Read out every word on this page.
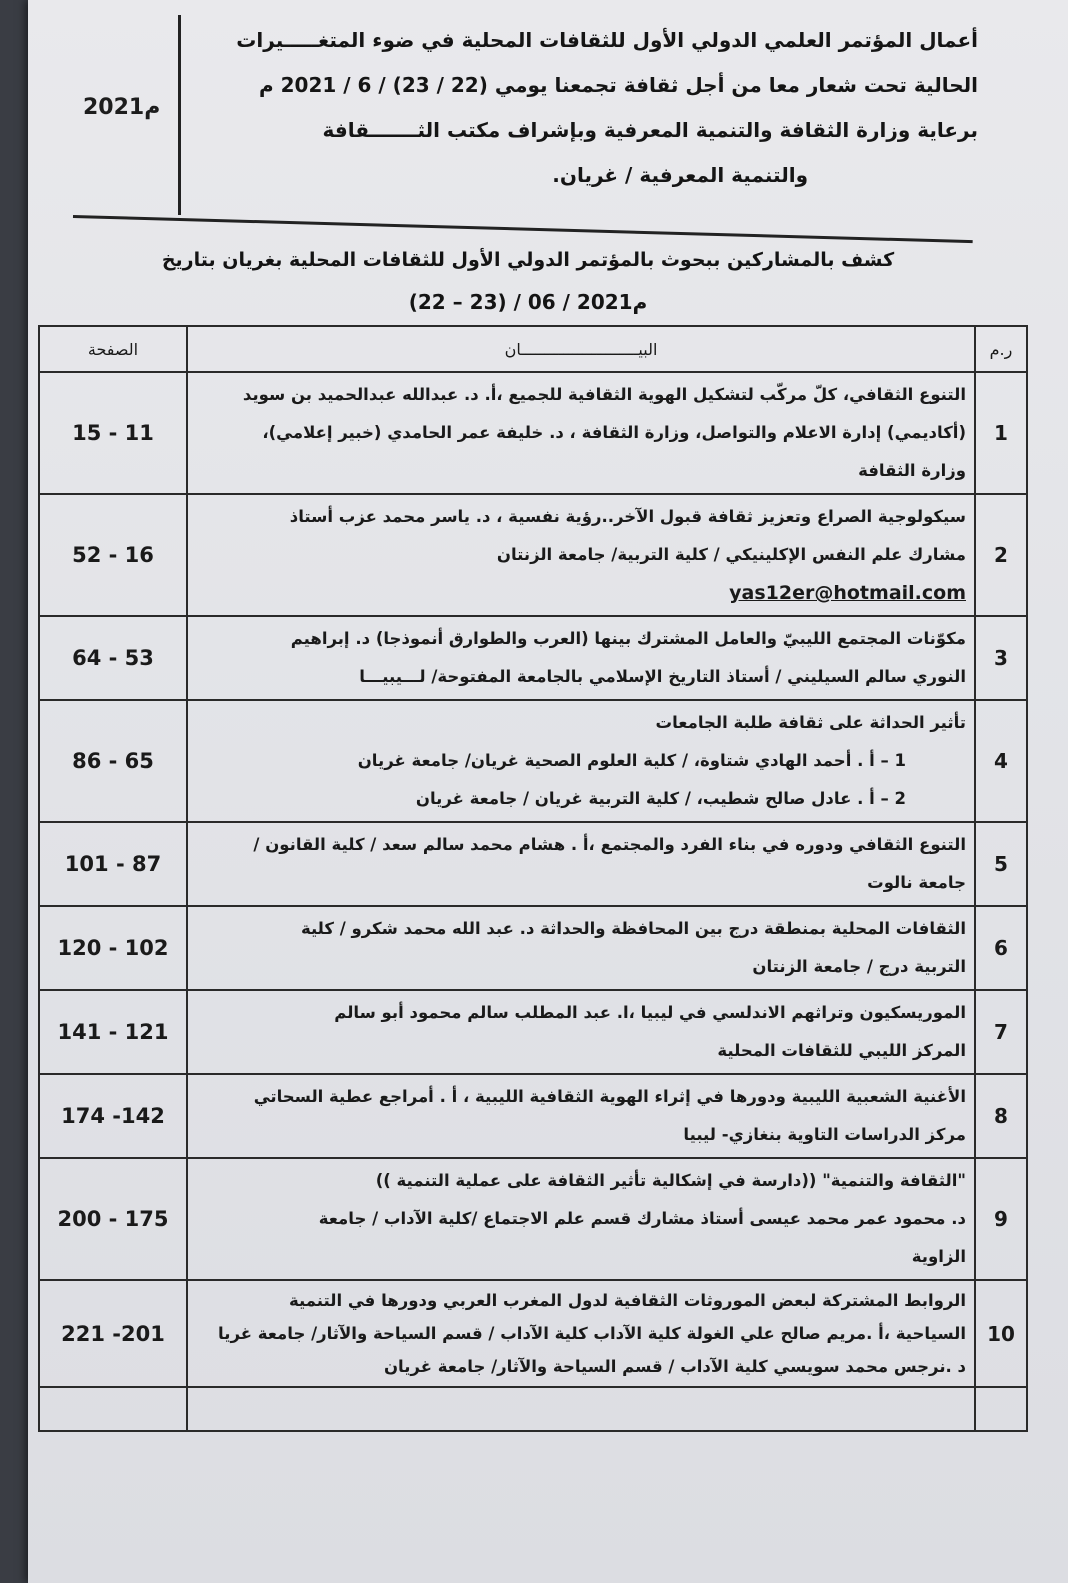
2021م
أعمال المؤتمر العلمي الدولي الأول للثقافات المحلية في ضوء المتغـــــيرات
الحالية تحت شعار معا من أجل ثقافة تجمعنا يومي (22 / 23) / 6 / 2021 م
برعاية وزارة الثقافة والتنمية المعرفية وبإشراف مكتب الثـــــــقافة
والتنمية المعرفية / غريان.
كشف بالمشاركين ببحوث بالمؤتمر الدولي الأول للثقافات المحلية بغريان بتاريخ
(22 – 23) / 06 / 2021م
ر.م	البيـــــــــــــــــــــــــان	الصفحة
1	التنوع الثقافي، كلّ مركّب لتشكيل الهوية الثقافية للجميع ،أ. د. عبدالله عبدالحميد بن سويد
(أكاديمي) إدارة الاعلام والتواصل، وزارة الثقافة ، د. خليفة عمر الحامدي (خبير إعلامي)،
وزارة الثقافة	15 - 11
2	سيكولوجية الصراع وتعزيز ثقافة قبول الآخر..رؤية نفسية ، د. ياسر محمد عزب أستاذ
مشارك علم النفس الإكلينيكي / كلية التربية/ جامعة الزنتان
yas12er@hotmail.com	52 - 16
3	مكوّنات المجتمع الليبيّ والعامل المشترك بينها (العرب والطوارق أنموذجا) د. إبراهيم
النوري سالم السيليني / أستاذ التاريخ الإسلامي بالجامعة المفتوحة/ لـــيبيـــا	64 - 53
4	تأثير الحداثة على ثقافة طلبة الجامعات
1 – أ . أحمد الهادي شتاوة، / كلية العلوم الصحية غريان/ جامعة غريان
2 – أ . عادل صالح شطيب، / كلية التربية غريان / جامعة غريان	86 - 65
5	التنوع الثقافي ودوره في بناء الفرد والمجتمع ،أ . هشام محمد سالم سعد / كلية القانون /
جامعة نالوت	101 - 87
6	الثقافات المحلية بمنطقة درج بين المحافظة والحداثة د. عبد الله محمد شكرو / كلية
التربية درج / جامعة الزنتان	120 - 102
7	الموريسكيون وتراثهم الاندلسي في ليبيا ،ا. عبد المطلب سالم محمود أبو سالم
المركز الليبي للثقافات المحلية	141 - 121
8	الأغنية الشعبية الليبية ودورها في إثراء الهوية الثقافية الليبية ، أ . أمراجع عطية السحاتي
مركز الدراسات التاوية بنغازي- ليبيا	174 -142
9	"الثقافة والتنمية" ((دارسة في إشكالية تأثير الثقافة على عملية التنمية ))
د. محمود عمر محمد عيسى أستاذ مشارك قسم علم الاجتماع /كلية الآداب / جامعة
الزاوية	200 - 175
10	الروابط المشتركة لبعض الموروثات الثقافية لدول المغرب العربي ودورها في التنمية
السياحية ،أ .مريم صالح علي الغولة كلية الآداب كلية الآداب / قسم السياحة والآثار/ جامعة غريا
د .نرجس محمد سويسي كلية الآداب / قسم السياحة والآثار/ جامعة غريان	221 -201
